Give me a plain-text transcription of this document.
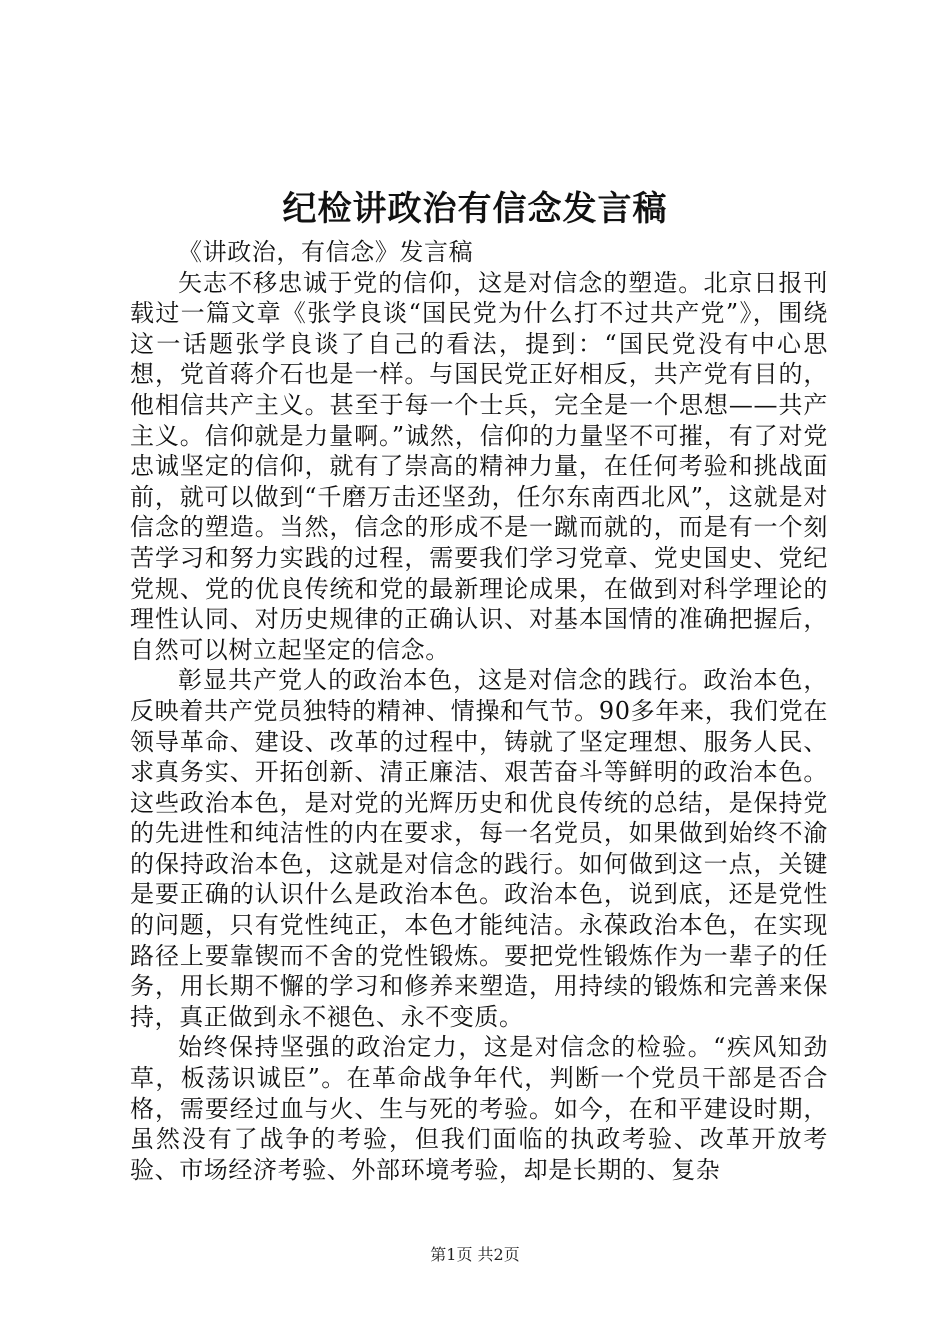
纪检讲政治有信念发言稿

《讲政治，有信念》发言稿

矢志不移忠诚于党的信仰，这是对信念的塑造。北京日报刊载过一篇文章《张学良谈“国民党为什么打不过共产党”》，围绕这一话题张学良谈了自己的看法，提到：“国民党没有中心思想，党首蒋介石也是一样。与国民党正好相反，共产党有目的，他相信共产主义。甚至于每一个士兵，完全是一个思想——共产主义。信仰就是力量啊。”诚然，信仰的力量坚不可摧，有了对党忠诚坚定的信仰，就有了崇高的精神力量，在任何考验和挑战面前，就可以做到“千磨万击还坚劲，任尔东南西北风”，这就是对信念的塑造。当然，信念的形成不是一蹴而就的，而是有一个刻苦学习和努力实践的过程，需要我们学习党章、党史国史、党纪党规、党的优良传统和党的最新理论成果，在做到对科学理论的理性认同、对历史规律的正确认识、对基本国情的准确把握后，自然可以树立起坚定的信念。

彰显共产党人的政治本色，这是对信念的践行。政治本色，反映着共产党员独特的精神、情操和气节。90多年来，我们党在领导革命、建设、改革的过程中，铸就了坚定理想、服务人民、求真务实、开拓创新、清正廉洁、艰苦奋斗等鲜明的政治本色。这些政治本色，是对党的光辉历史和优良传统的总结，是保持党的先进性和纯洁性的内在要求，每一名党员，如果做到始终不渝的保持政治本色，这就是对信念的践行。如何做到这一点，关键是要正确的认识什么是政治本色。政治本色，说到底，还是党性的问题，只有党性纯正，本色才能纯洁。永葆政治本色，在实现路径上要靠锲而不舍的党性锻炼。要把党性锻炼作为一辈子的任务，用长期不懈的学习和修养来塑造，用持续的锻炼和完善来保持，真正做到永不褪色、永不变质。

始终保持坚强的政治定力，这是对信念的检验。“疾风知劲草，板荡识诚臣”。在革命战争年代，判断一个党员干部是否合格，需要经过血与火、生与死的考验。如今，在和平建设时期，虽然没有了战争的考验，但我们面临的执政考验、改革开放考验、市场经济考验、外部环境考验，却是长期的、复杂

第1页 共2页
